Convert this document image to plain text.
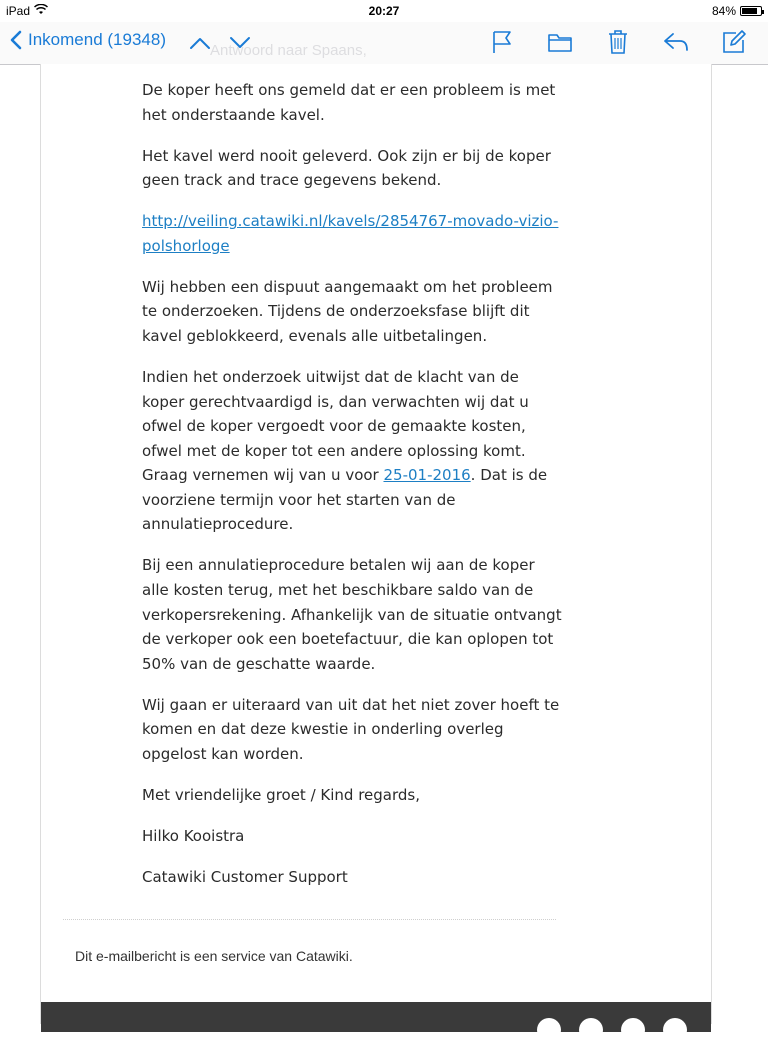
iPad	20:27	84%
Antwoord naar Spaans,
Inkomend (19348)

De koper heeft ons gemeld dat er een probleem is met het onderstaande kavel.

Het kavel werd nooit geleverd. Ook zijn er bij de koper geen track and trace gegevens bekend.

http://veiling.catawiki.nl/kavels/2854767-movado-vizio-polshorloge

Wij hebben een dispuut aangemaakt om het probleem te onderzoeken. Tijdens de onderzoeksfase blijft dit kavel geblokkeerd, evenals alle uitbetalingen.

Indien het onderzoek uitwijst dat de klacht van de koper gerechtvaardigd is, dan verwachten wij dat u ofwel de koper vergoedt voor de gemaakte kosten, ofwel met de koper tot een andere oplossing komt. Graag vernemen wij van u voor 25-01-2016. Dat is de voorziene termijn voor het starten van de annulatieprocedure.

Bij een annulatieprocedure betalen wij aan de koper alle kosten terug, met het beschikbare saldo van de verkopersrekening. Afhankelijk van de situatie ontvangt de verkoper ook een boetefactuur, die kan oplopen tot 50% van de geschatte waarde.

Wij gaan er uiteraard van uit dat het niet zover hoeft te komen en dat deze kwestie in onderling overleg opgelost kan worden.

Met vriendelijke groet / Kind regards,

Hilko Kooistra

Catawiki Customer Support

Dit e-mailbericht is een service van Catawiki.
